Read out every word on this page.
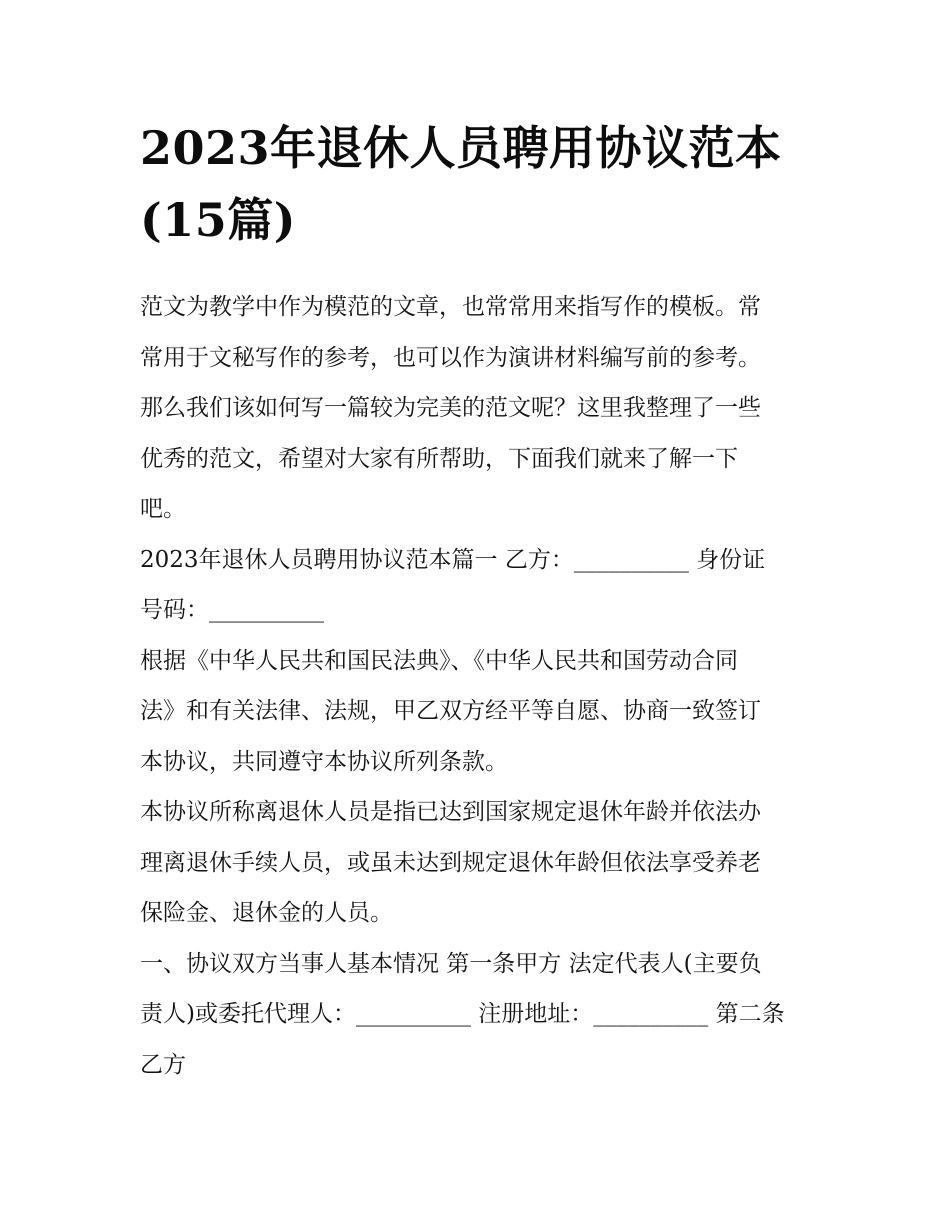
2023年退休人员聘用协议范本
(15篇)

范文为教学中作为模范的文章，也常常用来指写作的模板。常
常用于文秘写作的参考，也可以作为演讲材料编写前的参考。
那么我们该如何写一篇较为完美的范文呢？这里我整理了一些
优秀的范文，希望对大家有所帮助，下面我们就来了解一下
吧。

2023年退休人员聘用协议范本篇一 乙方：__________ 身份证
号码：__________

根据《中华人民共和国民法典》、《中华人民共和国劳动合同
法》和有关法律、法规，甲乙双方经平等自愿、协商一致签订
本协议，共同遵守本协议所列条款。

本协议所称离退休人员是指已达到国家规定退休年龄并依法办
理离退休手续人员，或虽未达到规定退休年龄但依法享受养老
保险金、退休金的人员。

一、协议双方当事人基本情况 第一条甲方 法定代表人(主要负
责人)或委托代理人：__________ 注册地址：__________ 第二条
乙方
